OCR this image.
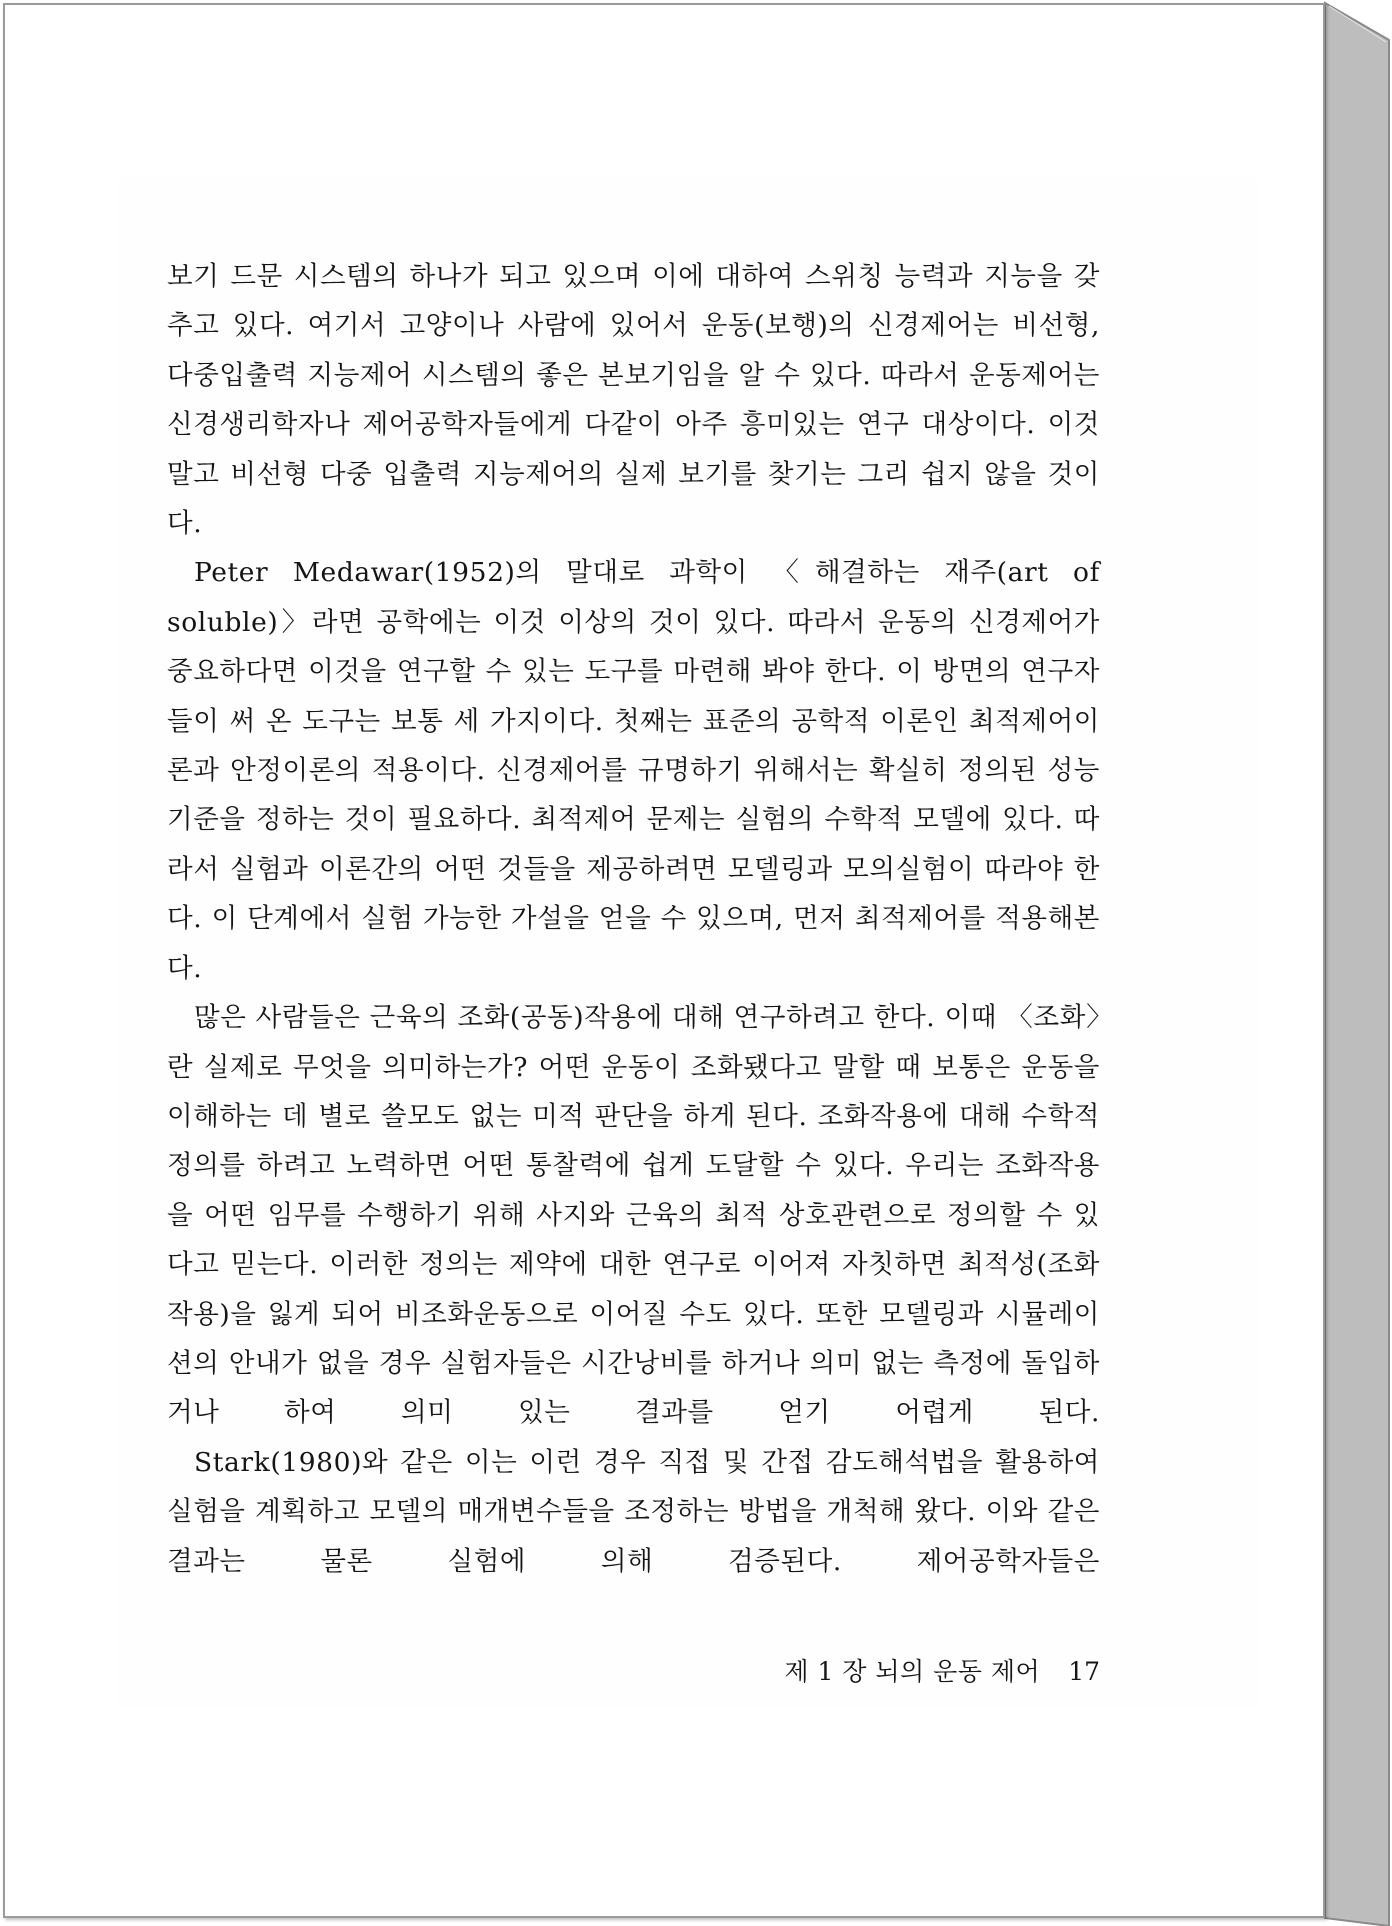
보기 드문 시스템의 하나가 되고 있으며 이에 대하여 스위칭 능력과 지능을 갖추고 있다. 여기서 고양이나 사람에 있어서 운동(보행)의 신경제어는 비선형, 다중입출력 지능제어 시스템의 좋은 본보기임을 알 수 있다. 따라서 운동제어는 신경생리학자나 제어공학자들에게 다같이 아주 흥미있는 연구 대상이다. 이것 말고 비선형 다중 입출력 지능제어의 실제 보기를 찾기는 그리 쉽지 않을 것이다.

Peter Medawar(1952)의 말대로 과학이 〈해결하는 재주(art of soluble)〉라면 공학에는 이것 이상의 것이 있다. 따라서 운동의 신경제어가 중요하다면 이것을 연구할 수 있는 도구를 마련해 봐야 한다. 이 방면의 연구자들이 써 온 도구는 보통 세 가지이다. 첫째는 표준의 공학적 이론인 최적제어이론과 안정이론의 적용이다. 신경제어를 규명하기 위해서는 확실히 정의된 성능기준을 정하는 것이 필요하다. 최적제어 문제는 실험의 수학적 모델에 있다. 따라서 실험과 이론간의 어떤 것들을 제공하려면 모델링과 모의실험이 따라야 한다. 이 단계에서 실험 가능한 가설을 얻을 수 있으며, 먼저 최적제어를 적용해본다.

많은 사람들은 근육의 조화(공동)작용에 대해 연구하려고 한다. 이때 〈조화〉란 실제로 무엇을 의미하는가? 어떤 운동이 조화됐다고 말할 때 보통은 운동을 이해하는 데 별로 쓸모도 없는 미적 판단을 하게 된다. 조화작용에 대해 수학적 정의를 하려고 노력하면 어떤 통찰력에 쉽게 도달할 수 있다. 우리는 조화작용을 어떤 임무를 수행하기 위해 사지와 근육의 최적 상호관련으로 정의할 수 있다고 믿는다. 이러한 정의는 제약에 대한 연구로 이어져 자칫하면 최적성(조화작용)을 잃게 되어 비조화운동으로 이어질 수도 있다. 또한 모델링과 시뮬레이션의 안내가 없을 경우 실험자들은 시간낭비를 하거나 의미 없는 측정에 돌입하거나 하여 의미 있는 결과를 얻기 어렵게 된다.

Stark(1980)와 같은 이는 이런 경우 직접 및 간접 감도해석법을 활용하여 실험을 계획하고 모델의 매개변수들을 조정하는 방법을 개척해 왔다. 이와 같은 결과는 물론 실험에 의해 검증된다. 제어공학자들은

제 1 장 뇌의 운동 제어 17
